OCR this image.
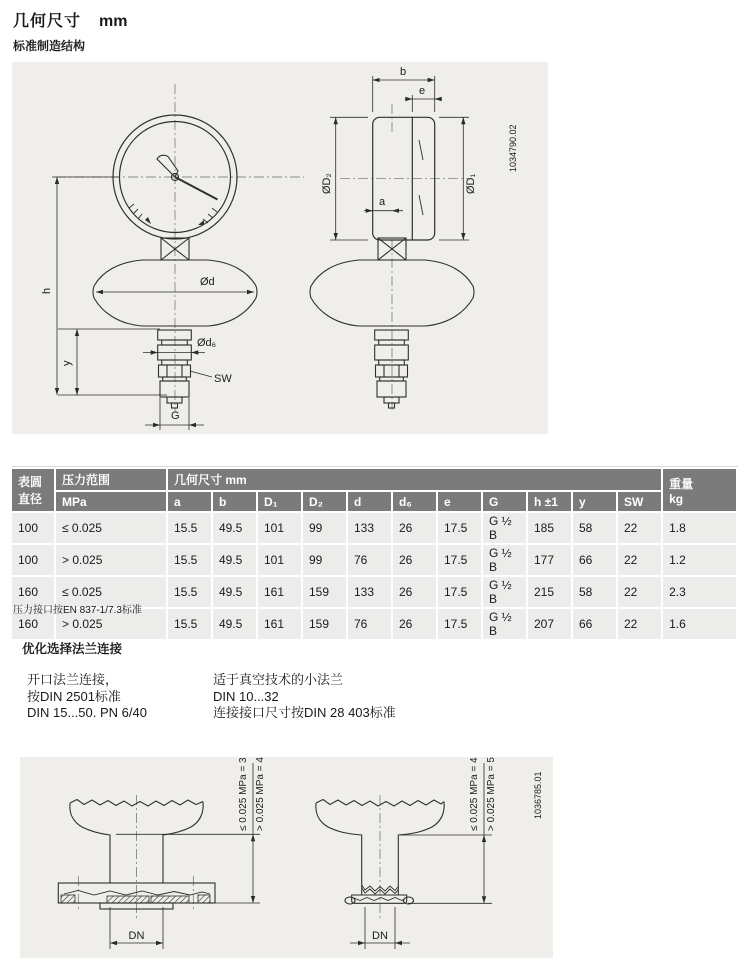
几何尺寸 mm
标准制造结构
h
y
Ød
Ød₆
SW
G
b
e
ØD₂	ØD₁
a
1034790.02
表圆
直径
	压力范围	几何尺寸 mm	重量
kg

	MPa	a	b	D₁	D₂	d	d₆	e	G	h ±1	y	SW	
100	≤ 0.025	15.5	49.5	101	99	133	26	17.5	G ½ B	185	58	22	1.8
100	> 0.025	15.5	49.5	101	99	76	26	17.5	G ½ B	177	66	22	1.2
160	≤ 0.025	15.5	49.5	161	159	133	26	17.5	G ½ B	215	58	22	2.3
160	> 0.025	15.5	49.5	161	159	76	26	17.5	G ½ B	207	66	22	1.6
压力接口按EN 837-1/7.3标准
优化选择法兰连接
开口法兰连接，
按DIN 2501标准
DIN 15...50. PN 6/40
适于真空技术的小法兰
DIN 10...32
连接接口尺寸按DIN 28 403标准
DN
≤ 0.025 MPa = 36 > 0.025 MPa = 44
DN
≤ 0.025 MPa = 43 > 0.025 MPa = 51	1036785.01
